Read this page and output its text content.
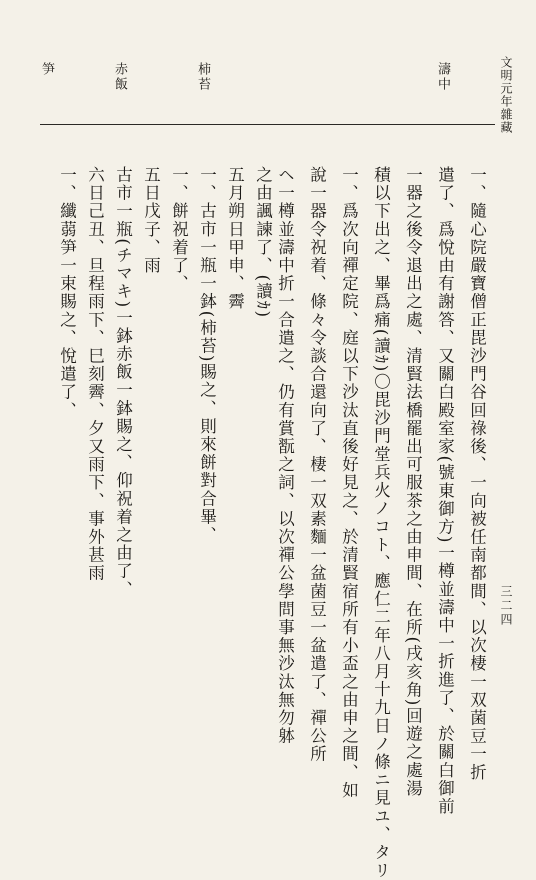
文明元年雜藏
三二四
濤中
柿苔
赤飯
笋
一、隨心院嚴寶僧正毘沙門谷回祿後、一向被任南都間、以次棲一双菌豆一折
遣了、爲悅由有謝答、又關白殿室家(號東御方)一樽並濤中一折進了、於關白御前
一器之後令退出之處、清賢法橋罷出可服茶之由申間、在所(戌亥角)回遊之處湯
積以下出之、畢爲痛(讀ｶ)〇毘沙門堂兵火ノコト、應仁二年八月十九日ノ條ニ見ユ、タリ
一、爲次向禪定院、庭以下沙汰直後好見之、於清賢宿所有小盃之由申之間、如
說一器令祝着、條々令談合還向了、棲一双素麵一盆菌豆一盆遣了、禪公所
ヘ一樽並濤中折一合遣之、仍有賞翫之詞、以次禪公學問事無沙汰無勿躰
之由諷諫了、(讀ｶ)
五月朔日甲申、霽
一、古市一瓶一鉢(柿苔)賜之、則來餅對合畢、
一、餅祝着了、
五日戊子、雨
古市一瓶(チマキ)一鉢赤飯一鉢賜之、仰祝着之由了、
六日己丑、旦程雨下、巳刻霽、夕又雨下、事外甚雨
一、纖蒻笋一束賜之、悅遣了、
